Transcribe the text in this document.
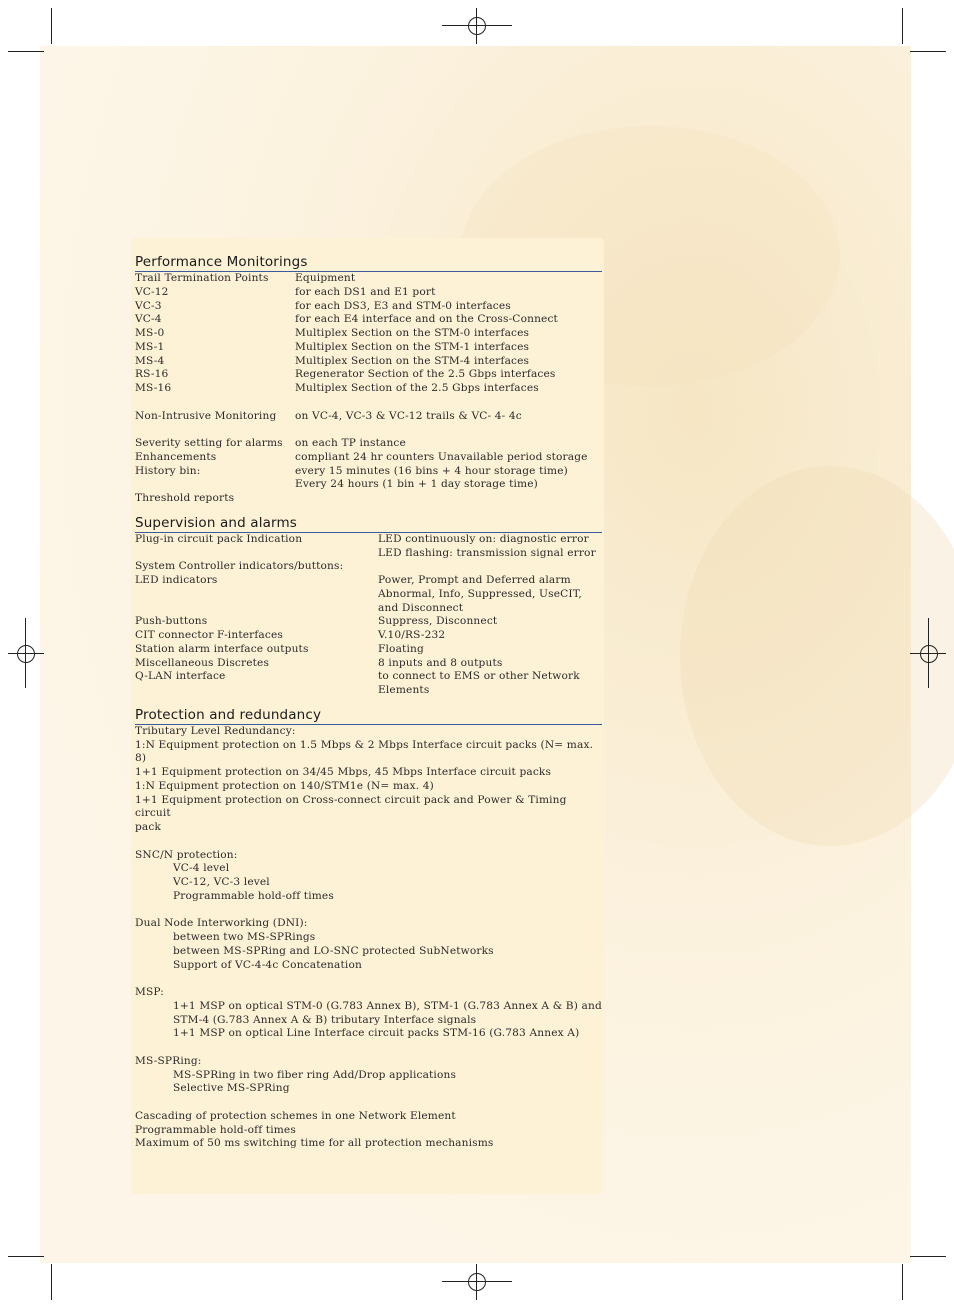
Performance Monitorings
Trail Termination Points	Equipment
VC-12	for each DS1 and E1 port
VC-3	for each DS3, E3 and STM-0 interfaces
VC-4	for each E4 interface and on the Cross-Connect
MS-0	Multiplex Section on the STM-0 interfaces
MS-1	Multiplex Section on the STM-1 interfaces
MS-4	Multiplex Section on the STM-4 interfaces
RS-16	Regenerator Section of the 2.5 Gbps interfaces
MS-16	Multiplex Section of the 2.5 Gbps interfaces
Non-Intrusive Monitoring	on VC-4, VC-3 & VC-12 trails & VC- 4- 4c
Severity setting for alarms	on each TP instance
Enhancements	compliant 24 hr counters Unavailable period storage
History bin:	every 15 minutes (16 bins + 4 hour storage time)
Every 24 hours (1 bin + 1 day storage time)
Threshold reports
Supervision and alarms
Plug-in circuit pack Indication	LED continuously on: diagnostic error
LED flashing: transmission signal error
System Controller indicators/buttons:
LED indicators	Power, Prompt and Deferred alarm
Abnormal, Info, Suppressed, UseCIT,
and Disconnect
Push-buttons	Suppress, Disconnect
CIT connector F-interfaces	V.10/RS-232
Station alarm interface outputs	Floating
Miscellaneous Discretes	8 inputs and 8 outputs
Q-LAN interface	to connect to EMS or other Network
Elements
Protection and redundancy
Tributary Level Redundancy:
1:N Equipment protection on 1.5 Mbps & 2 Mbps Interface circuit packs (N= max. 8)
1+1 Equipment protection on 34/45 Mbps, 45 Mbps Interface circuit packs
1:N Equipment protection on 140/STM1e (N= max. 4)
1+1 Equipment protection on Cross-connect circuit pack and Power & Timing circuit
pack
SNC/N protection:
VC-4 level
VC-12, VC-3 level
Programmable hold-off times
Dual Node Interworking (DNI):
between two MS-SPRings
between MS-SPRing and LO-SNC protected SubNetworks
Support of VC-4-4c Concatenation
MSP:
1+1 MSP on optical STM-0 (G.783 Annex B), STM-1 (G.783 Annex A & B) and
STM-4 (G.783 Annex A & B) tributary Interface signals
1+1 MSP on optical Line Interface circuit packs STM-16 (G.783 Annex A)
MS-SPRing:
MS-SPRing in two fiber ring Add/Drop applications
Selective MS-SPRing
Cascading of protection schemes in one Network Element
Programmable hold-off times
Maximum of 50 ms switching time for all protection mechanisms
